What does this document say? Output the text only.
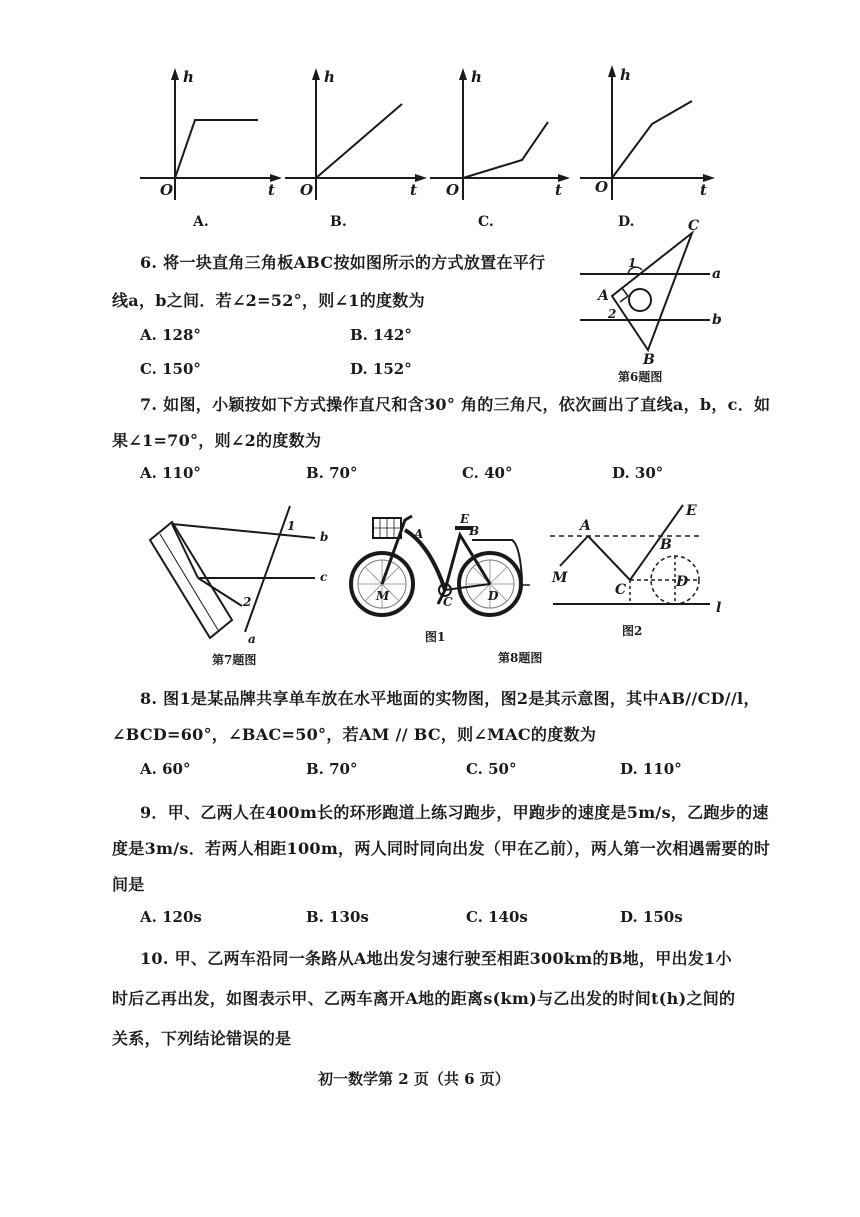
h
O	t
h
O	t
h
O	t
h
O	t
A.	B.	C.	D.
6. 将一块直角三角板ABC按如图所示的方式放置在平行
线a，b之间．若∠2=52°，则∠1的度数为
A. 128°	B. 142°
C. 150°	D. 152°
C
a
A
1
2	b
B
第6题图
7. 如图，小颖按如下方式操作直尺和含30° 角的三角尺，依次画出了直线a，b，c．如
果∠1=70°，则∠2的度数为
A. 110°	B. 70°	C. 40°	D. 30°
1
2
a
b
c
第7题图
A
E
B
M	C	D
图1
第8题图
A
E
B
M
C	D
l
图2
8. 图1是某品牌共享单车放在水平地面的实物图，图2是其示意图，其中AB//CD//l，
∠BCD=60°，∠BAC=50°，若AM // BC，则∠MAC的度数为
A. 60°	B. 70°	C. 50°	D. 110°
9．甲、乙两人在400m长的环形跑道上练习跑步，甲跑步的速度是5m/s，乙跑步的速
度是3m/s．若两人相距100m，两人同时同向出发（甲在乙前），两人第一次相遇需要的时
间是
A. 120s	B. 130s	C. 140s	D. 150s
10. 甲、乙两车沿同一条路从A地出发匀速行驶至相距300km的B地，甲出发1小
时后乙再出发，如图表示甲、乙两车离开A地的距离s(km)与乙出发的时间t(h)之间的
关系，下列结论错误的是
初一数学第 2 页（共 6 页）
